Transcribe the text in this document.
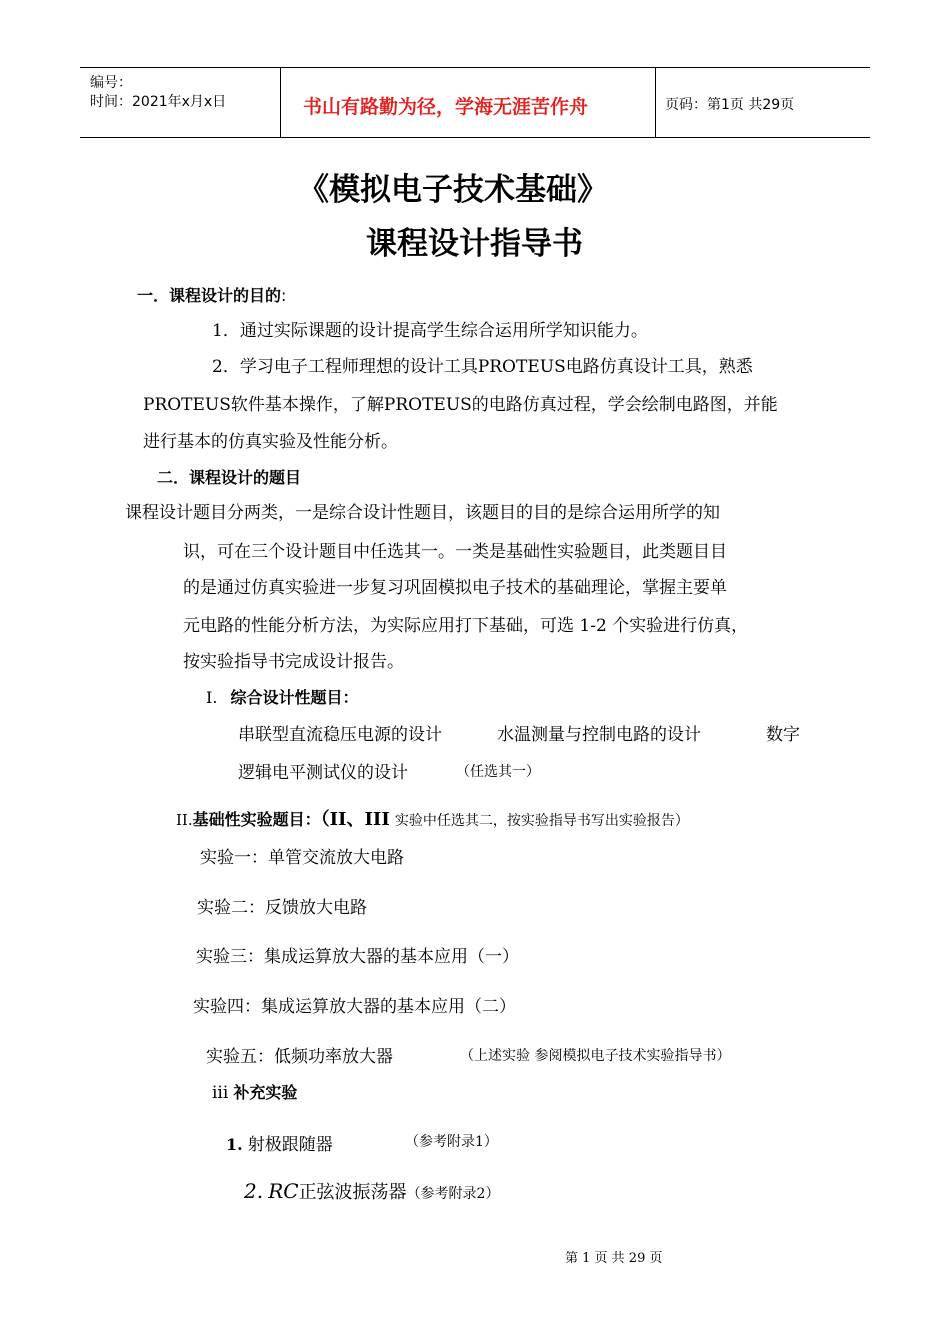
编号：
时间：2021年x月x日	书山有路勤为径，学海无涯苦作舟	页码：第1页 共29页
《模拟电子技术基础》
课程设计指导书
一．课程设计的目的:
1．通过实际课题的设计提高学生综合运用所学知识能力。
2．学习电子工程师理想的设计工具PROTEUS电路仿真设计工具，熟悉
PROTEUS软件基本操作，了解PROTEUS的电路仿真过程，学会绘制电路图，并能
进行基本的仿真实验及性能分析。
二．课程设计的题目
课程设计题目分两类，一是综合设计性题目，该题目的目的是综合运用所学的知
识，可在三个设计题目中任选其一。一类是基础性实验题目，此类题目目
的是通过仿真实验进一步复习巩固模拟电子技术的基础理论，掌握主要单
元电路的性能分析方法，为实际应用打下基础，可选 1-2 个实验进行仿真，
按实验指导书完成设计报告。
I. 综合设计性题目：
串联型直流稳压电源的设计	水温测量与控制电路的设计	数字
逻辑电平测试仪的设计	（任选其一）
II.基础性实验题目：（II、III 实验中任选其二，按实验指导书写出实验报告）
实验一：单管交流放大电路
实验二：反馈放大电路
实验三：集成运算放大器的基本应用（一）
实验四：集成运算放大器的基本应用（二）
实验五：低频功率放大器	（上述实验 参阅模拟电子技术实验指导书）
iii 补充实验
1. 射极跟随器	（参考附录1）
2. RC正弦波振荡器（参考附录2）
第 1 页 共 29 页
